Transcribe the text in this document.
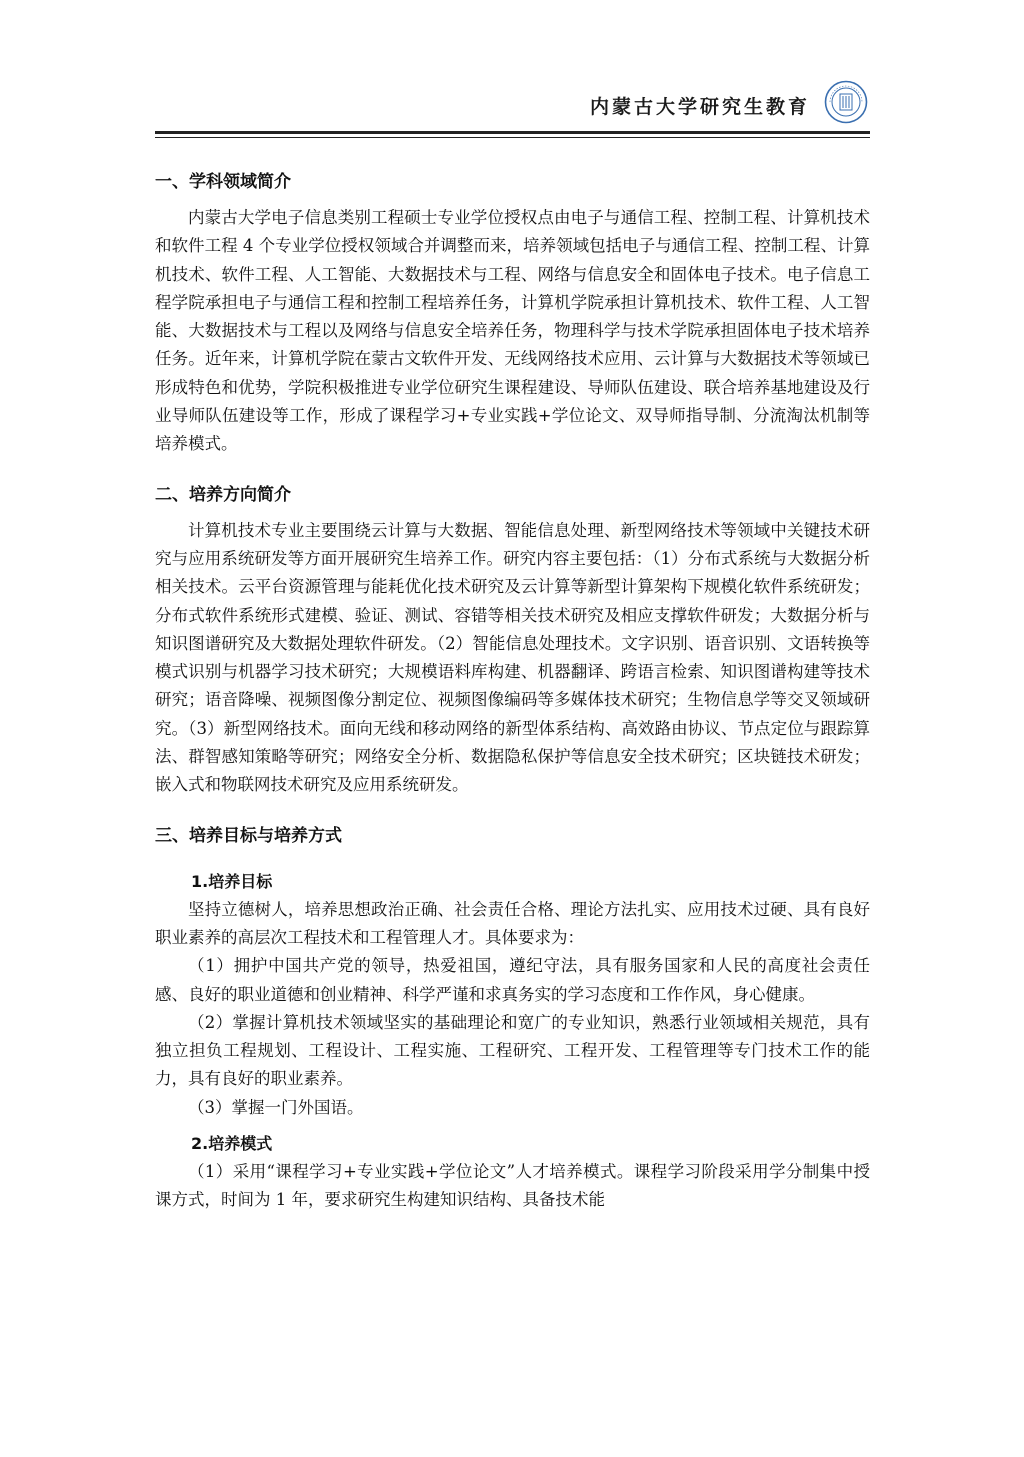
内蒙古大学研究生教育
一、学科领域简介

内蒙古大学电子信息类别工程硕士专业学位授权点由电子与通信工程、控制工程、计算机技术和软件工程 4 个专业学位授权领域合并调整而来，培养领域包括电子与通信工程、控制工程、计算机技术、软件工程、人工智能、大数据技术与工程、网络与信息安全和固体电子技术。电子信息工程学院承担电子与通信工程和控制工程培养任务，计算机学院承担计算机技术、软件工程、人工智能、大数据技术与工程以及网络与信息安全培养任务，物理科学与技术学院承担固体电子技术培养任务。近年来，计算机学院在蒙古文软件开发、无线网络技术应用、云计算与大数据技术等领域已形成特色和优势，学院积极推进专业学位研究生课程建设、导师队伍建设、联合培养基地建设及行业导师队伍建设等工作，形成了课程学习+专业实践+学位论文、双导师指导制、分流淘汰机制等培养模式。

二、培养方向简介

计算机技术专业主要围绕云计算与大数据、智能信息处理、新型网络技术等领域中关键技术研究与应用系统研发等方面开展研究生培养工作。研究内容主要包括：（1）分布式系统与大数据分析相关技术。云平台资源管理与能耗优化技术研究及云计算等新型计算架构下规模化软件系统研发；分布式软件系统形式建模、验证、测试、容错等相关技术研究及相应支撑软件研发；大数据分析与知识图谱研究及大数据处理软件研发。（2）智能信息处理技术。文字识别、语音识别、文语转换等模式识别与机器学习技术研究；大规模语料库构建、机器翻译、跨语言检索、知识图谱构建等技术研究；语音降噪、视频图像分割定位、视频图像编码等多媒体技术研究；生物信息学等交叉领域研究。（3）新型网络技术。面向无线和移动网络的新型体系结构、高效路由协议、节点定位与跟踪算法、群智感知策略等研究；网络安全分析、数据隐私保护等信息安全技术研究；区块链技术研发；嵌入式和物联网技术研究及应用系统研发。

三、培养目标与培养方式

1.培养目标

坚持立德树人，培养思想政治正确、社会责任合格、理论方法扎实、应用技术过硬、具有良好职业素养的高层次工程技术和工程管理人才。具体要求为：

（1）拥护中国共产党的领导，热爱祖国，遵纪守法，具有服务国家和人民的高度社会责任感、良好的职业道德和创业精神、科学严谨和求真务实的学习态度和工作作风，身心健康。

（2）掌握计算机技术领域坚实的基础理论和宽广的专业知识，熟悉行业领域相关规范，具有独立担负工程规划、工程设计、工程实施、工程研究、工程开发、工程管理等专门技术工作的能力，具有良好的职业素养。

（3）掌握一门外国语。

2.培养模式

（1）采用“课程学习+专业实践+学位论文”人才培养模式。课程学习阶段采用学分制集中授课方式，时间为 1 年，要求研究生构建知识结构、具备技术能
